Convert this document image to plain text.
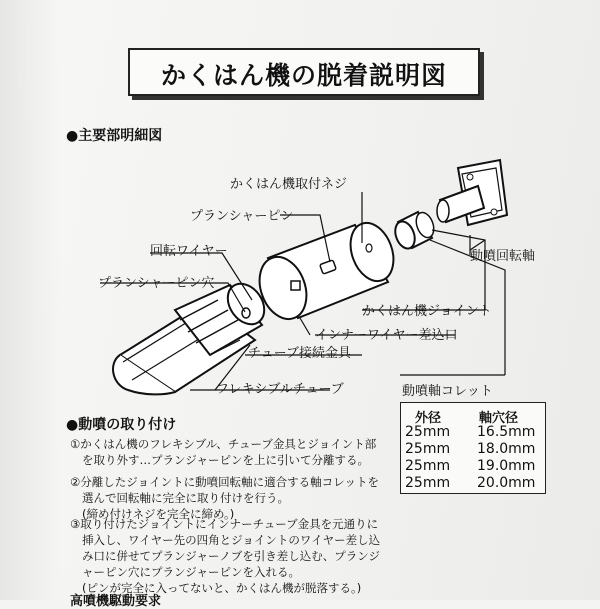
かくはん機の脱着説明図
●主要部明細図
かくはん機取付ネジ
プランシャーピン
回転ワイヤー
プランシャーピン穴
かくはん機ジョイント
インナーワイヤー差込口
チューブ接続金具
フレキシブルチューブ
動噴回転軸
動噴軸コレット
外径	軸穴径
25mm 16.5mm
25mm 18.0mm
25mm 19.0mm
25mm 20.0mm
●動噴の取り付け
①かくはん機のフレキシブル、チューブ金具とジョイント部
を取り外す…プランジャーピンを上に引いて分離する。
②分離したジョイントに動噴回転軸に適合する軸コレットを
選んで回転軸に完全に取り付けを行う。
(締め付けネジを完全に締め。)
③取り付けたジョイントにインナーチューブ金具を元通りに
挿入し、ワイヤー先の四角とジョイントのワイヤー差し込
み口に併せてプランジャーノブを引き差し込む、プランジ
ャーピン穴にプランジャーピンを入れる。
(ピンが完全に入ってないと、かくはん機が脱落する。)
高噴機駆動要求
